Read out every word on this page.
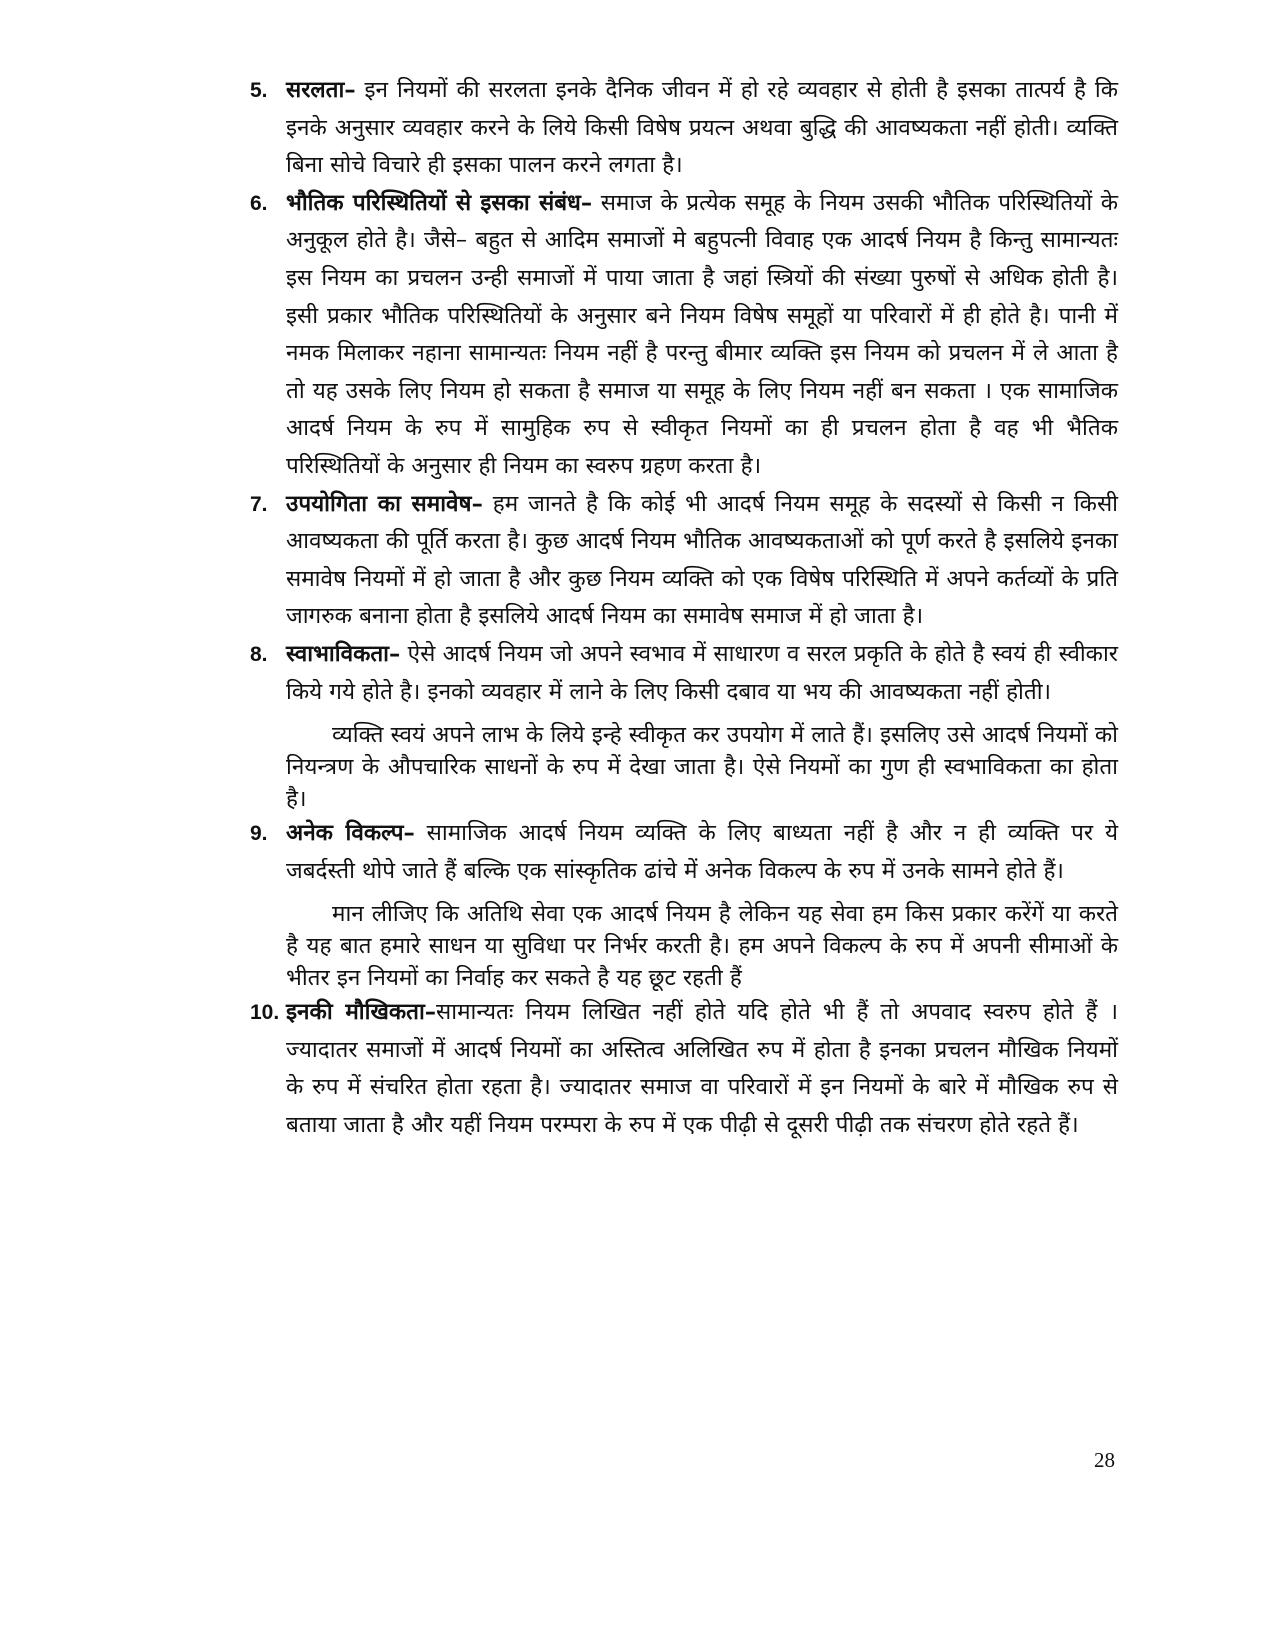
5. सरलता– इन नियमों की सरलता इनके दैनिक जीवन में हो रहे व्यवहार से होती है इसका तात्पर्य है कि इनके अनुसार व्यवहार करने के लिये किसी विषेष प्रयत्न अथवा बुद्धि की आवष्यकता नहीं होती। व्यक्ति बिना सोचे विचारे ही इसका पालन करने लगता है।

6. भौतिक परिस्थितियों से इसका संबंध– समाज के प्रत्येक समूह के नियम उसकी भौतिक परिस्थितियों के अनुकूल होते है। जैसे– बहुत से आदिम समाजों मे बहुपत्नी विवाह एक आदर्ष नियम है किन्तु सामान्यतः इस नियम का प्रचलन उन्ही समाजों में पाया जाता है जहां स्त्रियों की संख्या पुरुषों से अधिक होती है। इसी प्रकार भौतिक परिस्थितियों के अनुसार बने नियम विषेष समूहों या परिवारों में ही होते है। पानी में नमक मिलाकर नहाना सामान्यतः नियम नहीं है परन्तु बीमार व्यक्ति इस नियम को प्रचलन में ले आता है तो यह उसके लिए नियम हो सकता है समाज या समूह के लिए नियम नहीं बन सकता । एक सामाजिक आदर्ष नियम के रुप में सामुहिक रुप से स्वीकृत नियमों का ही प्रचलन होता है वह भी भैतिक परिस्थितियों के अनुसार ही नियम का स्वरुप ग्रहण करता है।

7. उपयोगिता का समावेष– हम जानते है कि कोई भी आदर्ष नियम समूह के सदस्यों से किसी न किसी आवष्यकता की पूर्ति करता है। कुछ आदर्ष नियम भौतिक आवष्यकताओं को पूर्ण करते है इसलिये इनका समावेष नियमों में हो जाता है और कुछ नियम व्यक्ति को एक विषेष परिस्थिति में अपने कर्तव्यों के प्रति जागरुक बनाना होता है इसलिये आदर्ष नियम का समावेष समाज में हो जाता है।

8. स्वाभाविकता– ऐसे आदर्ष नियम जो अपने स्वभाव में साधारण व सरल प्रकृति के होते है स्वयं ही स्वीकार किये गये होते है। इनको व्यवहार में लाने के लिए किसी दबाव या भय की आवष्यकता नहीं होती।

व्यक्ति स्वयं अपने लाभ के लिये इन्हे स्वीकृत कर उपयोग में लाते हैं। इसलिए उसे आदर्ष नियमों को नियन्त्रण के औपचारिक साधनों के रुप में देखा जाता है। ऐसे नियमों का गुण ही स्वभाविकता का होता है।

9. अनेक विकल्प– सामाजिक आदर्ष नियम व्यक्ति के लिए बाध्यता नहीं है और न ही व्यक्ति पर ये जबर्दस्ती थोपे जाते हैं बल्कि एक सांस्कृतिक ढांचे में अनेक विकल्प के रुप में उनके सामने होते हैं।

मान लीजिए कि अतिथि सेवा एक आदर्ष नियम है लेकिन यह सेवा हम किस प्रकार करेंगें या करते है यह बात हमारे साधन या सुविधा पर निर्भर करती है। हम अपने विकल्प के रुप में अपनी सीमाओं के भीतर इन नियमों का निर्वाह कर सकते है यह छूट रहती हैं

10. इनकी मौखिकता–सामान्यतः नियम लिखित नहीं होते यदि होते भी हैं तो अपवाद स्वरुप होते हैं । ज्यादातर समाजों में आदर्ष नियमों का अस्तित्व अलिखित रुप में होता है इनका प्रचलन मौखिक नियमों के रुप में संचरित होता रहता है। ज्यादातर समाज वा परिवारों में इन नियमों के बारे में मौखिक रुप से बताया जाता है और यहीं नियम परम्परा के रुप में एक पीढ़ी से दूसरी पीढ़ी तक संचरण होते रहते हैं।

28
